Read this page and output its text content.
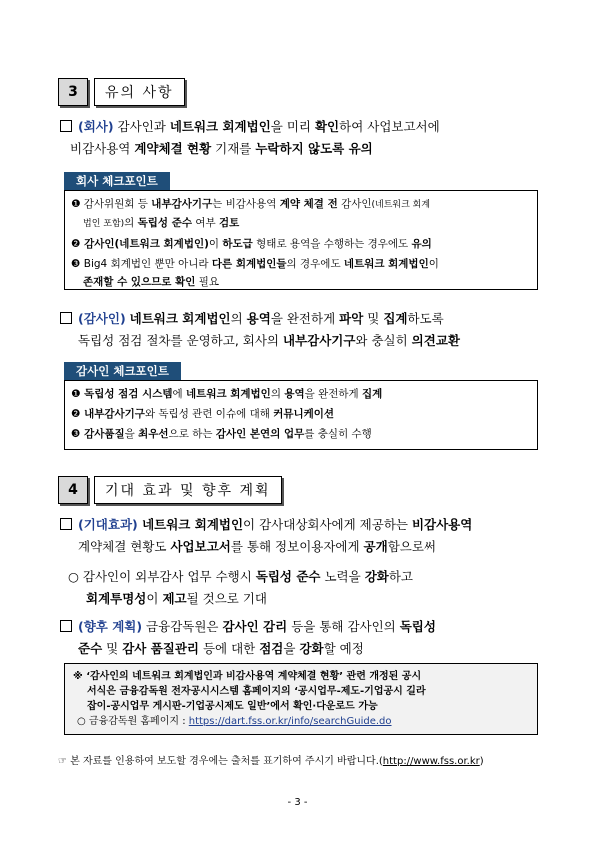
3	유의 사항
(회사) 감사인과 네트워크 회계법인을 미리 확인하여 사업보고서에
비감사용역 계약체결 현황 기재를 누락하지 않도록 유의
회사 체크포인트
❶ 감사위원회 등 내부감사기구는 비감사용역 계약 체결 전 감사인(네트워크 회계
법인 포함)의 독립성 준수 여부 검토
❷ 감사인(네트워크 회계법인)이 하도급 형태로 용역을 수행하는 경우에도 유의
❸ Big4 회계법인 뿐만 아니라 다른 회계법인들의 경우에도 네트워크 회계법인이
존재할 수 있으므로 확인 필요
(감사인) 네트워크 회계법인의 용역을 완전하게 파악 및 집계하도록
독립성 점검 절차를 운영하고, 회사의 내부감사기구와 충실히 의견교환
감사인 체크포인트
❶ 독립성 점검 시스템에 네트워크 회계법인의 용역을 완전하게 집계
❷ 내부감사기구와 독립성 관련 이슈에 대해 커뮤니케이션
❸ 감사품질을 최우선으로 하는 감사인 본연의 업무를 충실히 수행
4	기대 효과 및 향후 계획
(기대효과) 네트워크 회계법인이 감사대상회사에게 제공하는 비감사용역
계약체결 현황도 사업보고서를 통해 정보이용자에게 공개함으로써
○ 감사인이 외부감사 업무 수행시 독립성 준수 노력을 강화하고
회계투명성이 제고될 것으로 기대
(향후 계획) 금융감독원은 감사인 감리 등을 통해 감사인의 독립성
준수 및 감사 품질관리 등에 대한 점검을 강화할 예정
※ ‘감사인의 네트워크 회계법인과 비감사용역 계약체결 현황’ 관련 개정된 공시
서식은 금융감독원 전자공시시스템 홈페이지의 ‘공시업무-제도-기업공시 길라
잡이-공시업무 게시판-기업공시제도 일반’에서 확인·다운로드 가능
○ 금융감독원 홈페이지 : https://dart.fss.or.kr/info/searchGuide.do
☞ 본 자료를 인용하여 보도할 경우에는 출처를 표기하여 주시기 바랍니다.(http://www.fss.or.kr)
- 3 -
